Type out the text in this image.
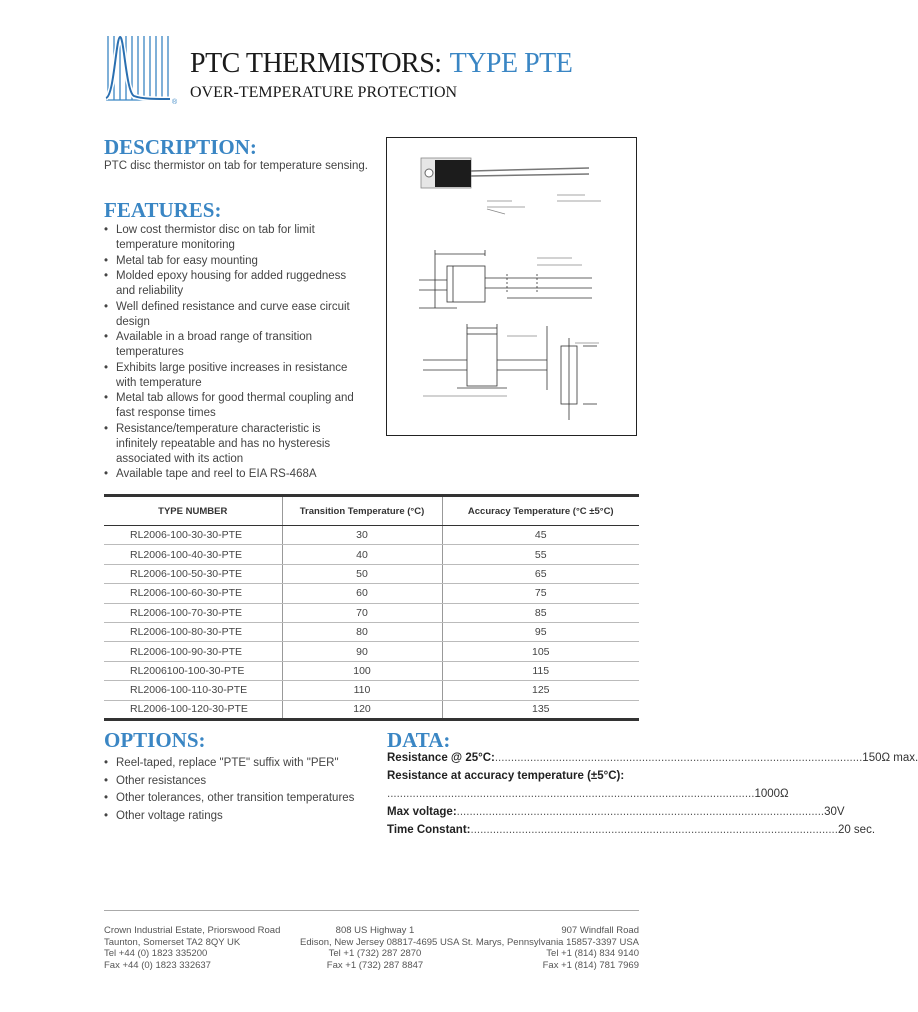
®
PTC THERMISTORS: TYPE PTE
OVER-TEMPERATURE PROTECTION
DESCRIPTION:
PTC disc thermistor on tab for temperature sensing.
FEATURES:
• Low cost thermistor disc on tab for limit temperature monitoring
• Metal tab for easy mounting
• Molded epoxy housing for added ruggedness and reliability
• Well defined resistance and curve ease circuit design
• Available in a broad range of transition temperatures
• Exhibits large positive increases in resistance with temperature
• Metal tab allows for good thermal coupling and fast response times
• Resistance/temperature characteristic is infinitely repeatable and has no hysteresis associated with its action
• Available tape and reel to EIA RS-468A
TYPE NUMBER	Transition Temperature (°C)	Accuracy Temperature (°C ±5°C)
RL2006-100-30-30-PTE	30	45
RL2006-100-40-30-PTE	40	55
RL2006-100-50-30-PTE	50	65
RL2006-100-60-30-PTE	60	75
RL2006-100-70-30-PTE	70	85
RL2006-100-80-30-PTE	80	95
RL2006-100-90-30-PTE	90	105
RL2006100-100-30-PTE	100	115
RL2006-100-110-30-PTE	110	125
RL2006-100-120-30-PTE	120	135
OPTIONS:
• Reel-taped, replace "PTE" suffix with "PER"
• Other resistances
• Other tolerances, other transition temperatures
• Other voltage ratings
DATA:
Resistance @ 25°C: .....	150Ω max.
Resistance at accuracy temperature (±5°C):
.....
1000Ω
Max voltage: .....	30V
Time Constant: .....	20 sec.
Crown Industrial Estate, Priorswood Road
Taunton, Somerset TA2 8QY UK
Tel +44 (0) 1823 335200
Fax +44 (0) 1823 332637
808 US Highway 1
Edison, New Jersey 08817-4695 USA
Tel +1 (732) 287 2870
Fax +1 (732) 287 8847
907 Windfall Road
St. Marys, Pennsylvania 15857-3397 USA
Tel +1 (814) 834 9140
Fax +1 (814) 781 7969
